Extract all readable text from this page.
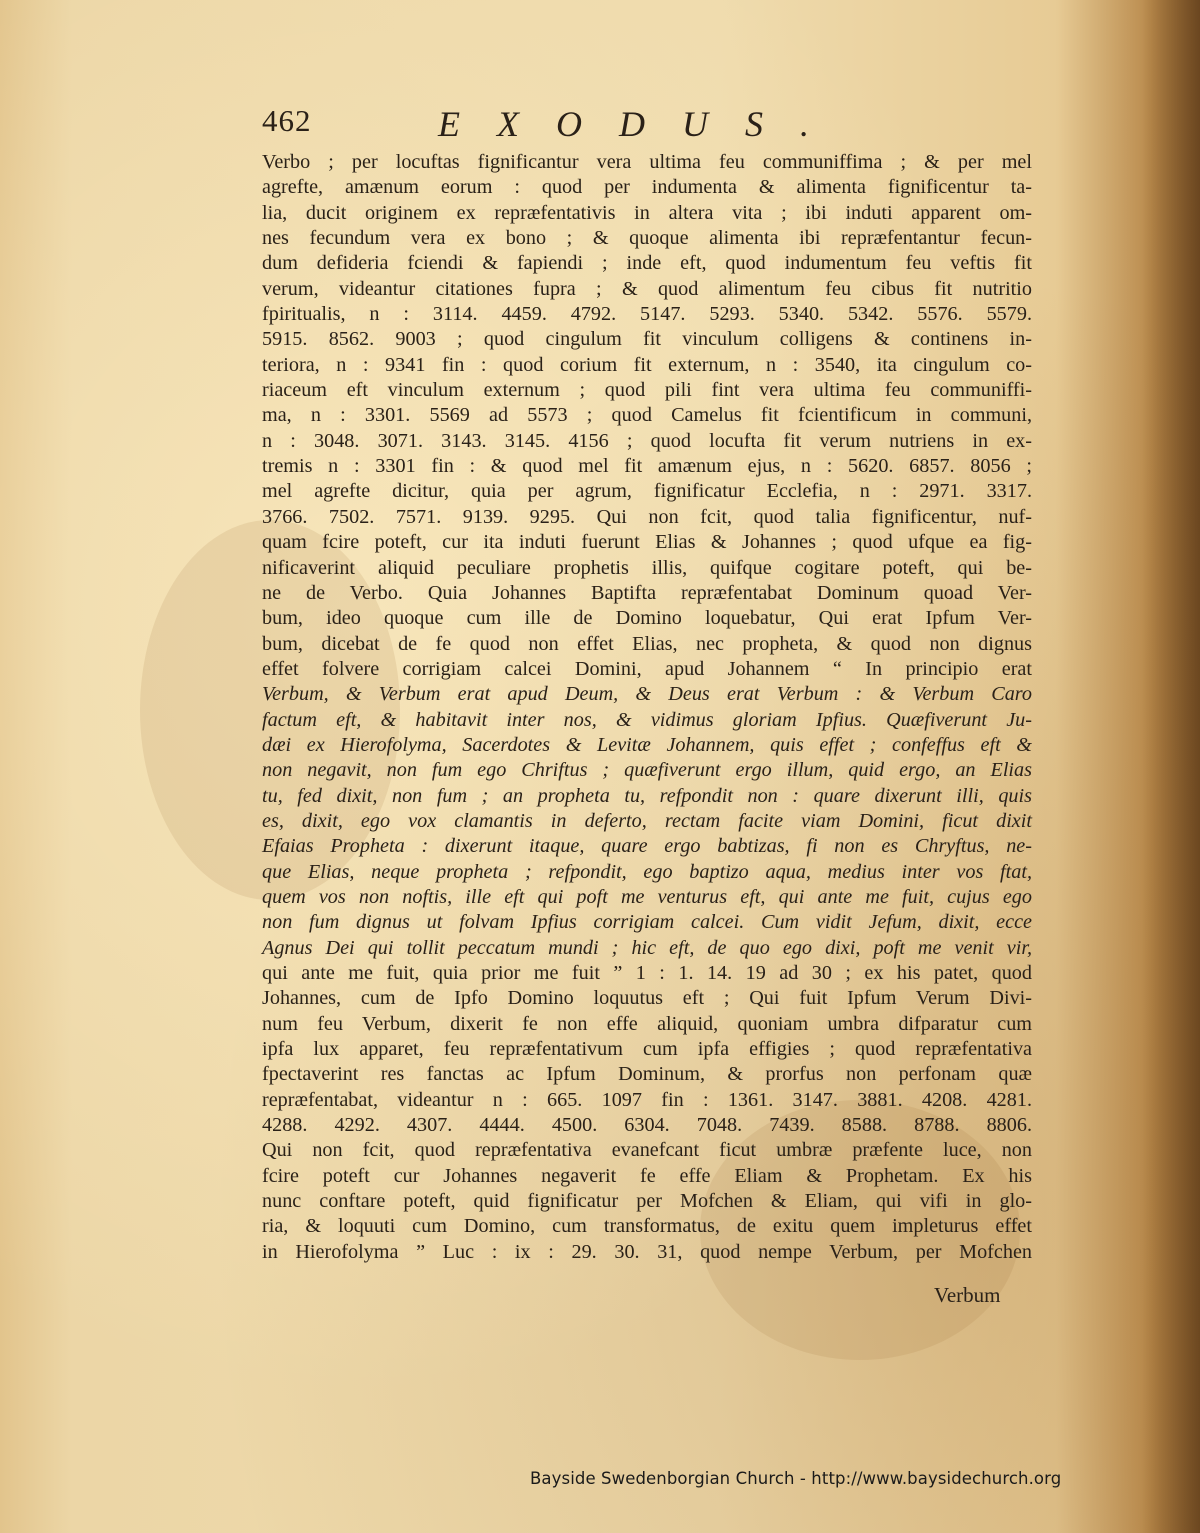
462	EXODUS.
Verbo ; per locuftas fignificantur vera ultima feu communiffima ; & per mel
agrefte, amænum eorum : quod per indumenta & alimenta fignificentur ta-
lia, ducit originem ex repræfentativis in altera vita ; ibi induti apparent om-
nes fecundum vera ex bono ; & quoque alimenta ibi repræfentantur fecun-
dum defideria fciendi & fapiendi ; inde eft, quod indumentum feu veftis fit
verum, videantur citationes fupra ; & quod alimentum feu cibus fit nutritio
fpiritualis, n : 3114. 4459. 4792. 5147. 5293. 5340. 5342. 5576. 5579.
5915. 8562. 9003 ; quod cingulum fit vinculum colligens & continens in-
teriora, n : 9341 fin : quod corium fit externum, n : 3540, ita cingulum co-
riaceum eft vinculum externum ; quod pili fint vera ultima feu communiffi-
ma, n : 3301. 5569 ad 5573 ; quod Camelus fit fcientificum in communi,
n : 3048. 3071. 3143. 3145. 4156 ; quod locufta fit verum nutriens in ex-
tremis n : 3301 fin : & quod mel fit amænum ejus, n : 5620. 6857. 8056 ;
mel agrefte dicitur, quia per agrum, fignificatur Ecclefia, n : 2971. 3317.
3766. 7502. 7571. 9139. 9295. Qui non fcit, quod talia fignificentur, nuf-
quam fcire poteft, cur ita induti fuerunt Elias & Johannes ; quod ufque ea fig-
nificaverint aliquid peculiare prophetis illis, quifque cogitare poteft, qui be-
ne de Verbo. Quia Johannes Baptifta repræfentabat Dominum quoad Ver-
bum, ideo quoque cum ille de Domino loquebatur, Qui erat Ipfum Ver-
bum, dicebat de fe quod non effet Elias, nec propheta, & quod non dignus
effet folvere corrigiam calcei Domini, apud Johannem “ In principio erat
Verbum, & Verbum erat apud Deum, & Deus erat Verbum : & Verbum Caro
factum eft, & habitavit inter nos, & vidimus gloriam Ipfius. Quæfiverunt Ju-
dæi ex Hierofolyma, Sacerdotes & Levitæ Johannem, quis effet ; confeffus eft &
non negavit, non fum ego Chriftus ; quæfiverunt ergo illum, quid ergo, an Elias
tu, fed dixit, non fum ; an propheta tu, refpondit non : quare dixerunt illi, quis
es, dixit, ego vox clamantis in deferto, rectam facite viam Domini, ficut dixit
Efaias Propheta : dixerunt itaque, quare ergo babtizas, fi non es Chryftus, ne-
que Elias, neque propheta ; refpondit, ego baptizo aqua, medius inter vos ftat,
quem vos non noftis, ille eft qui poft me venturus eft, qui ante me fuit, cujus ego
non fum dignus ut folvam Ipfius corrigiam calcei. Cum vidit Jefum, dixit, ecce
Agnus Dei qui tollit peccatum mundi ; hic eft, de quo ego dixi, poft me venit vir,
qui ante me fuit, quia prior me fuit ” 1 : 1. 14. 19 ad 30 ; ex his patet, quod
Johannes, cum de Ipfo Domino loquutus eft ; Qui fuit Ipfum Verum Divi-
num feu Verbum, dixerit fe non effe aliquid, quoniam umbra difparatur cum
ipfa lux apparet, feu repræfentativum cum ipfa effigies ; quod repræfentativa
fpectaverint res fanctas ac Ipfum Dominum, & prorfus non perfonam quæ
repræfentabat, videantur n : 665. 1097 fin : 1361. 3147. 3881. 4208. 4281.
4288. 4292. 4307. 4444. 4500. 6304. 7048. 7439. 8588. 8788. 8806.
Qui non fcit, quod repræfentativa evanefcant ficut umbræ præfente luce, non
fcire poteft cur Johannes negaverit fe effe Eliam & Prophetam. Ex his
nunc conftare poteft, quid fignificatur per Mofchen & Eliam, qui vifi in glo-
ria, & loquuti cum Domino, cum transformatus, de exitu quem impleturus effet
in Hierofolyma ” Luc : ix : 29. 30. 31, quod nempe Verbum, per Mofchen
Verbum
Bayside Swedenborgian Church - http://www.baysidechurch.org
